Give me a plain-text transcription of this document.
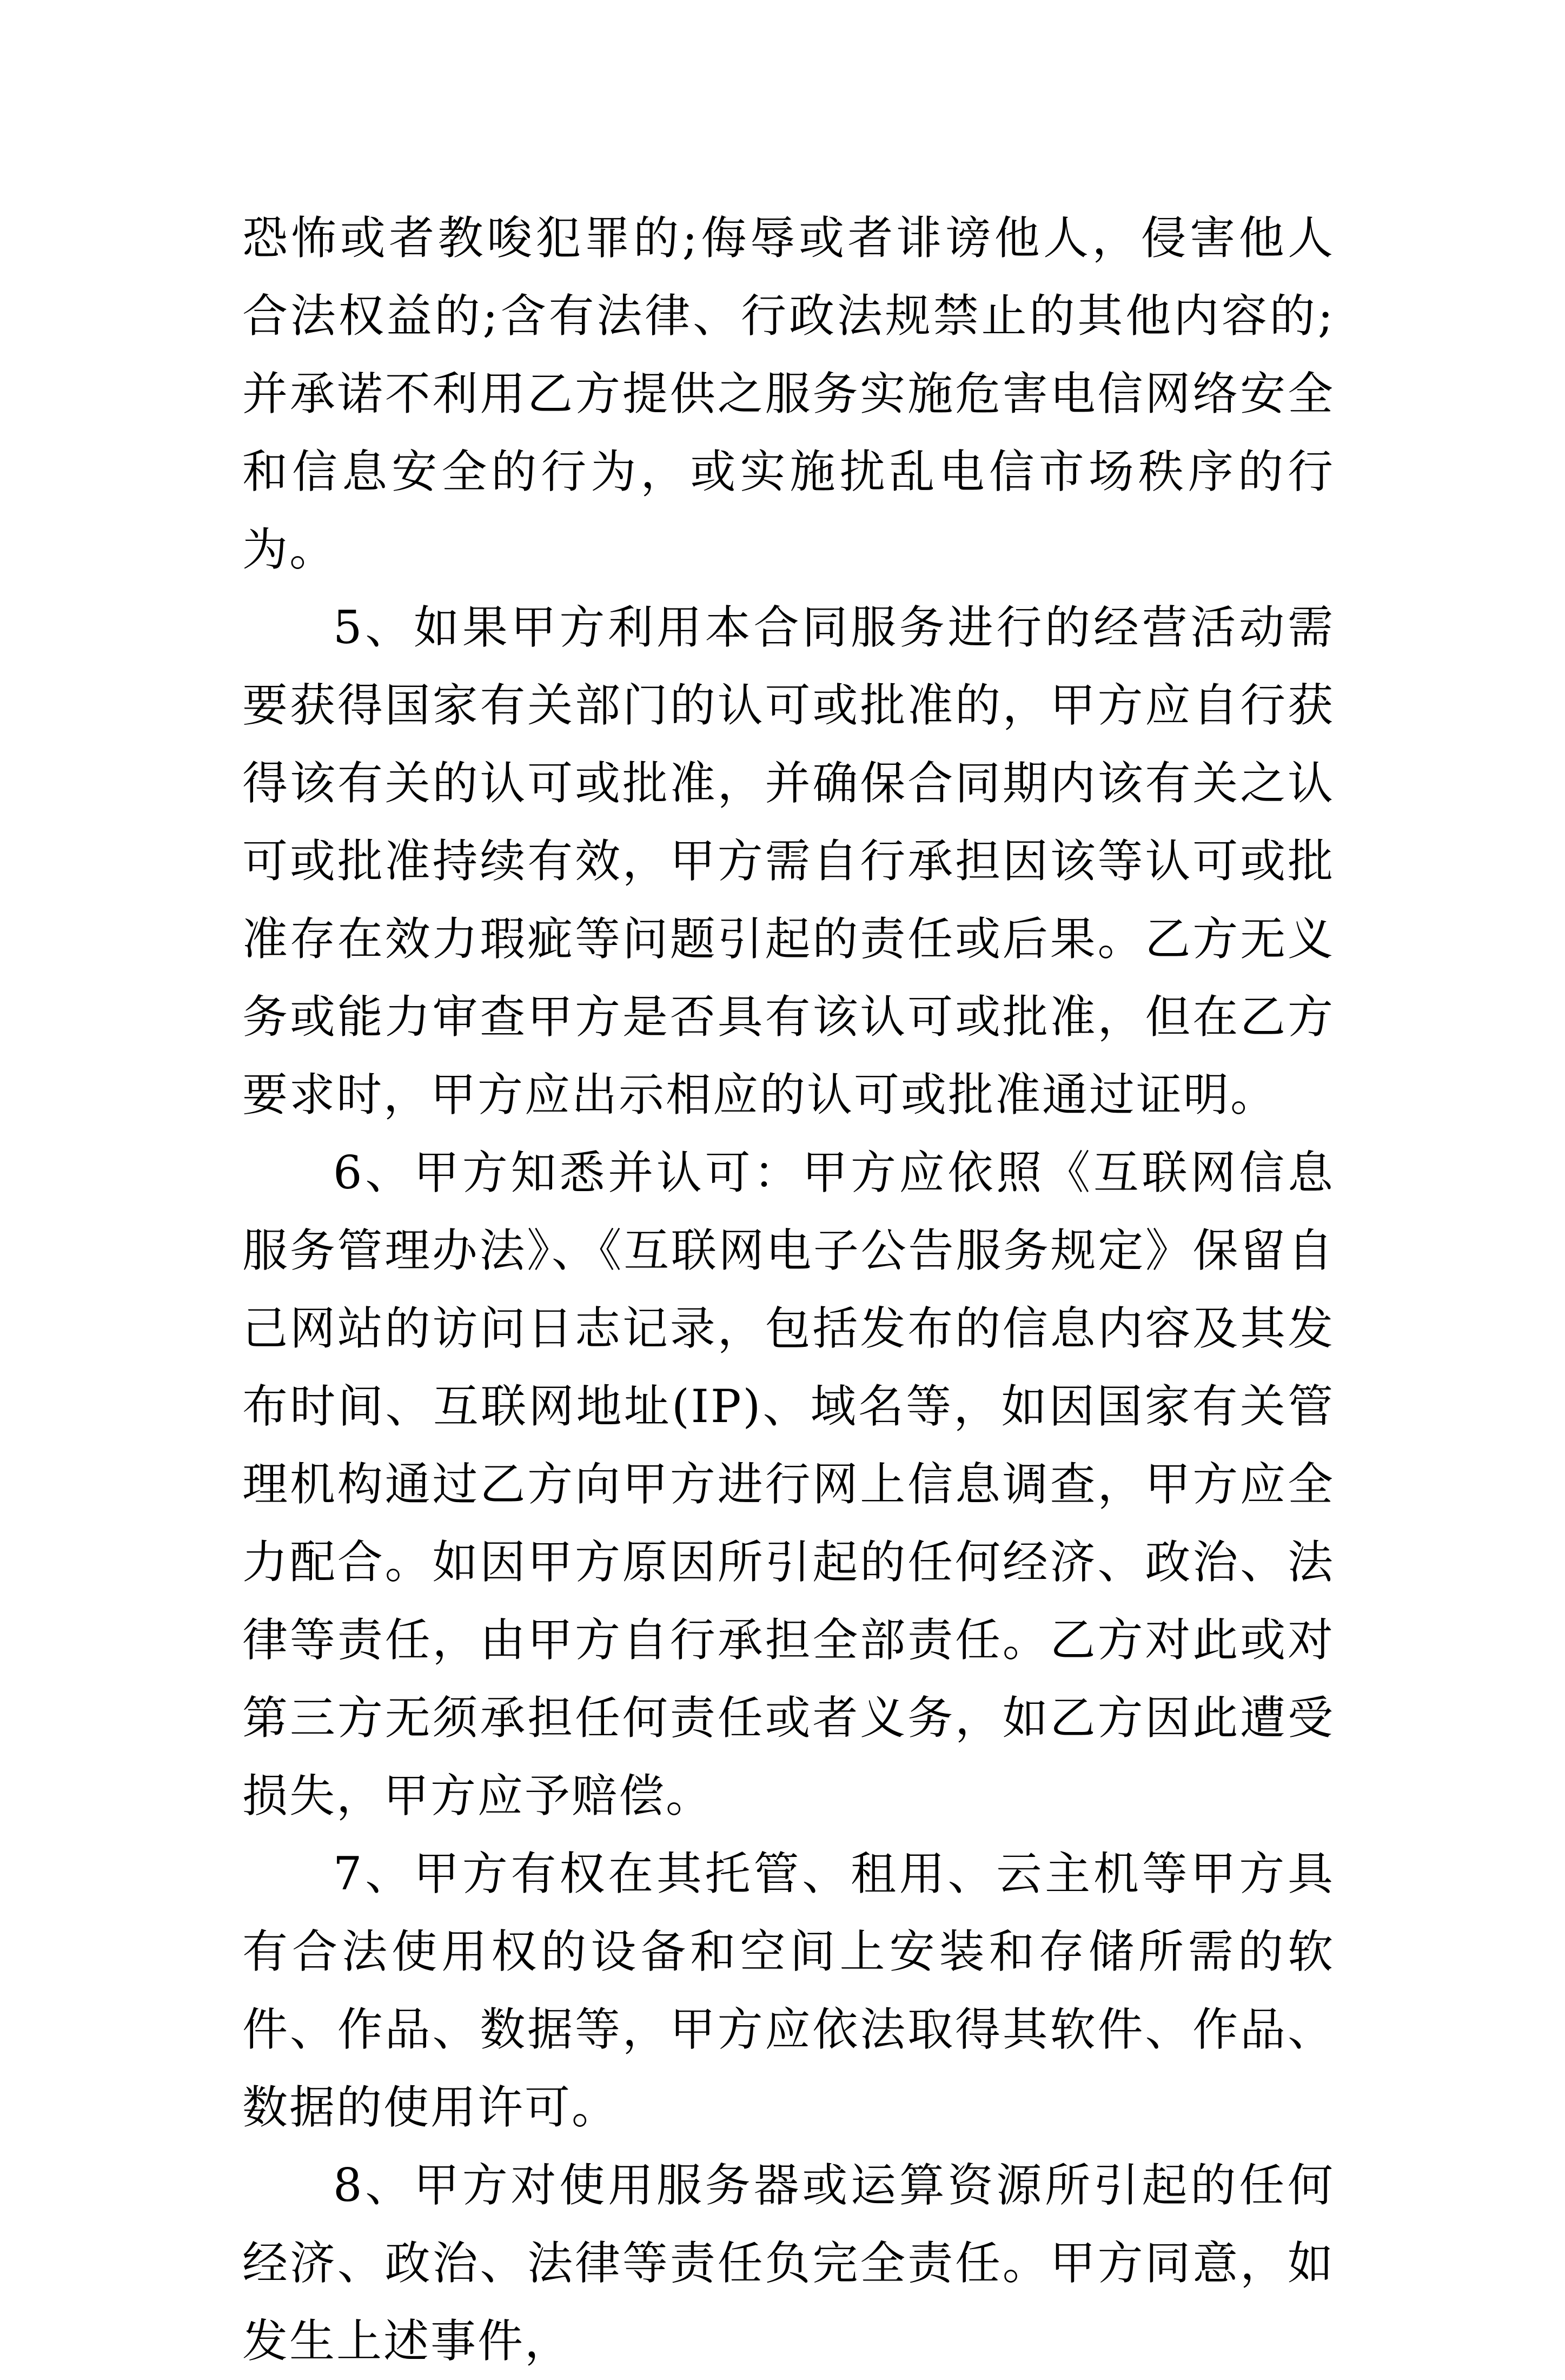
恐怖或者教唆犯罪的;侮辱或者诽谤他人，侵害他人合法权益的;含有法律、行政法规禁止的其他内容的;并承诺不利用乙方提供之服务实施危害电信网络安全和信息安全的行为，或实施扰乱电信市场秩序的行为。

5、如果甲方利用本合同服务进行的经营活动需要获得国家有关部门的认可或批准的，甲方应自行获得该有关的认可或批准，并确保合同期内该有关之认可或批准持续有效，甲方需自行承担因该等认可或批准存在效力瑕疵等问题引起的责任或后果。乙方无义务或能力审查甲方是否具有该认可或批准，但在乙方要求时，甲方应出示相应的认可或批准通过证明。

6、甲方知悉并认可：甲方应依照《互联网信息服务管理办法》、《互联网电子公告服务规定》保留自己网站的访问日志记录，包括发布的信息内容及其发布时间、互联网地址(IP)、域名等，如因国家有关管理机构通过乙方向甲方进行网上信息调查，甲方应全力配合。如因甲方原因所引起的任何经济、政治、法律等责任，由甲方自行承担全部责任。乙方对此或对第三方无须承担任何责任或者义务，如乙方因此遭受损失，甲方应予赔偿。

7、甲方有权在其托管、租用、云主机等甲方具有合法使用权的设备和空间上安装和存储所需的软件、作品、数据等，甲方应依法取得其软件、作品、数据的使用许可。

8、甲方对使用服务器或运算资源所引起的任何经济、政治、法律等责任负完全责任。甲方同意，如发生上述事件，
